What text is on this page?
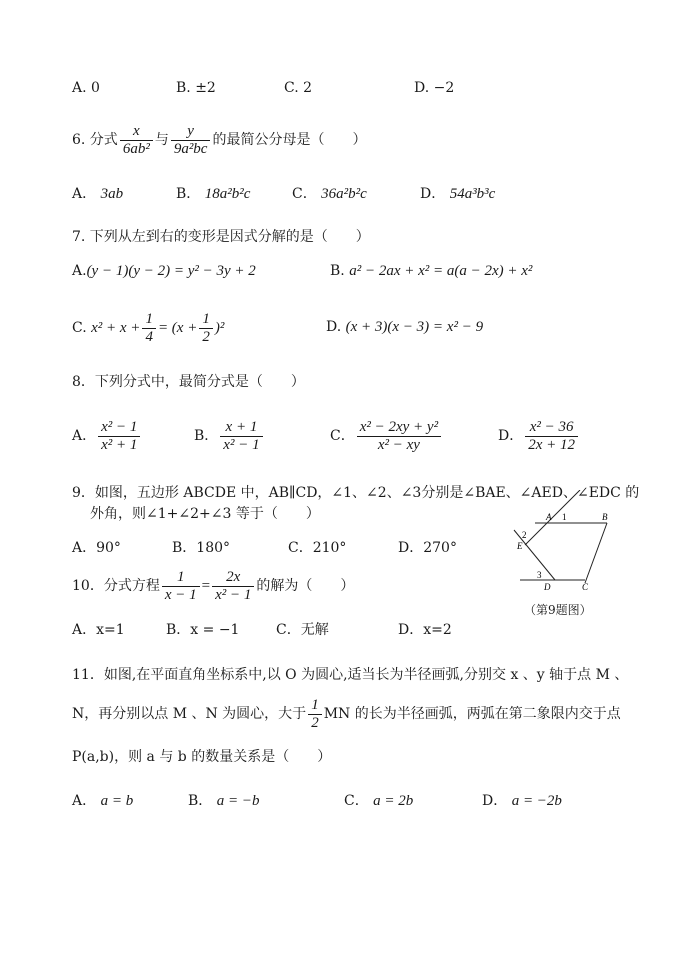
A. 0	B. ±2	C. 2	D. −2
6. 分式 $\frac{x}{\text{6ab²}}$ 与 $\frac{y}{\text{9a²bc}}$ 的最简公分母是（　　）
A． 3ab	B． 18a²b²c	C． 36a²b²c	D． 54a³b³c
7. 下列从左到右的变形是因式分解的是（　　）
A.(y − 1)(y − 2) = y² − 3y + 2	B. a² − 2ax + x² = a(a − 2x) + x²
C. $x^2 + x + \frac{1}{4} = (x + \frac{1}{2} )^2$	D. (x + 3)(x − 3) = x² − 9
8．下列分式中，最简分式是（　　）
A． $\frac{\text{x² − 1}}{\text{x² + 1}}$	B． $\frac{x + 1}{\text{x² − 1}}$	C． $\frac{\text{x² − 2xy + y²}}{\text{x² − xy}}$	D． $\frac{\text{x² − 36}}{2x + 12}$
9．如图，五边形 ABCDE 中，AB∥CD，∠1、∠2、∠3分别是∠BAE、∠AED、∠EDC 的
外角，则∠1+∠2+∠3 等于（　　）
A．90°	B．180°	C．210°	D．270°
A 1	B
2
E
3
D	C
（第9题图）
10．分式方程 $\frac{1}{x - 1} = \frac{2x}{\text{x² − 1}}$ 的解为（　　）
A．x=1	B．x = −1	C．无解	D．x=2
11．如图,在平面直角坐标系中,以 O 为圆心,适当长为半径画弧,分别交 x 、y 轴于点 M 、
N，再分别以点 M 、N 为圆心，大于 $\frac{1}{2}$ MN 的长为半径画弧，两弧在第二象限内交于点
P(a,b)，则 a 与 b 的数量关系是（　　）
A． a = b	B． a = −b	C． a = 2b	D． a = −2b
